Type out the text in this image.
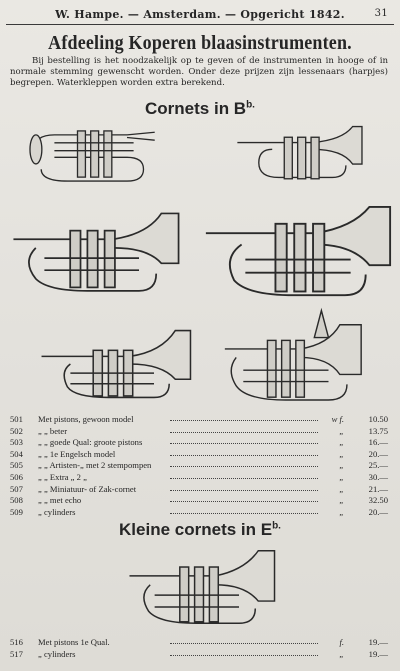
W. Hampe. — Amsterdam. — Opgericht 1842.	31
Afdeeling Koperen blaasinstrumenten.
Bij bestelling is het noodzakelijk op te geven of de instrumenten in hooge of in normale stemming gewenscht worden. Onder deze prijzen zijn lessenaars (harpjes) begrepen. Waterkleppen worden extra berekend.
Cornets in $B^{b.}$
501	Met pistons, gewoon model	w f.	10.50
502	„ „ beter	„	13.75
503	„ „ goede Qual: groote pistons	„	16.—
504	„ „ 1e Engelsch model	„	20.—
505	„ „ Artisten-„ met 2 stempompen	„	25.—
506	„ „ Extra „ 2 „	„	30.—
507	„ „ Miniatuur- of Zak-cornet	„	21.—
508	„ „ met echo	„	32.50
509	„ cylinders	„	20.—
Kleine cornets in $E^{b.}$
516	Met pistons 1e Qual.	f.	19.—
517	„ cylinders	„	19.—
